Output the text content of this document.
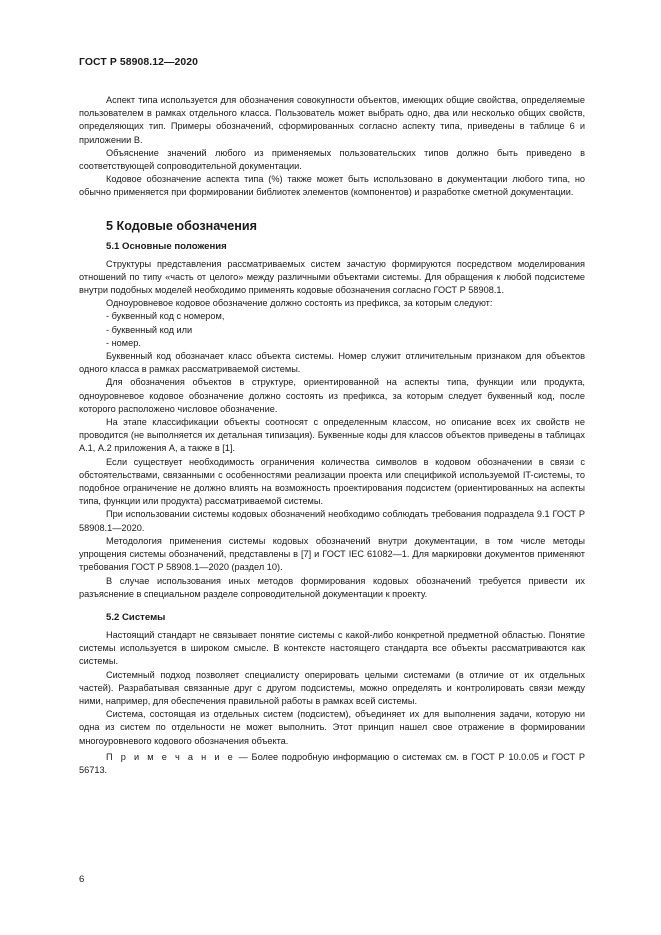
ГОСТ Р 58908.12—2020

Аспект типа используется для обозначения совокупности объектов, имеющих общие свойства, определяемые пользователем в рамках отдельного класса. Пользователь может выбрать одно, два или несколько общих свойств, определяющих тип. Примеры обозначений, сформированных согласно аспекту типа, приведены в таблице 6 и приложении В.

Объяснение значений любого из применяемых пользовательских типов должно быть приведено в соответствующей сопроводительной документации.

Кодовое обозначение аспекта типа (%) также может быть использовано в документации любого типа, но обычно применяется при формировании библиотек элементов (компонентов) и разработке сметной документации.

5 Кодовые обозначения
5.1 Основные положения

Структуры представления рассматриваемых систем зачастую формируются посредством моделирования отношений по типу «часть от целого» между различными объектами системы. Для обращения к любой подсистеме внутри подобных моделей необходимо применять кодовые обозначения согласно ГОСТ Р 58908.1.

Одноуровневое кодовое обозначение должно состоять из префикса, за которым следуют:

- буквенный код с номером,

- буквенный код или

- номер.

Буквенный код обозначает класс объекта системы. Номер служит отличительным признаком для объектов одного класса в рамках рассматриваемой системы.

Для обозначения объектов в структуре, ориентированной на аспекты типа, функции или продукта, одноуровневое кодовое обозначение должно состоять из префикса, за которым следует буквенный код, после которого расположено числовое обозначение.

На этапе классификации объекты соотносят с определенным классом, но описание всех их свойств не проводится (не выполняется их детальная типизация). Буквенные коды для классов объектов приведены в таблицах А.1, А.2 приложения А, а также в [1].

Если существует необходимость ограничения количества символов в кодовом обозначении в связи с обстоятельствами, связанными с особенностями реализации проекта или спецификой используемой IT-системы, то подобное ограничение не должно влиять на возможность проектирования подсистем (ориентированных на аспекты типа, функции или продукта) рассматриваемой системы.

При использовании системы кодовых обозначений необходимо соблюдать требования подраздела 9.1 ГОСТ Р 58908.1—2020.

Методология применения системы кодовых обозначений внутри документации, в том числе методы упрощения системы обозначений, представлены в [7] и ГОСТ IEC 61082—1. Для маркировки документов применяют требования ГОСТ Р 58908.1—2020 (раздел 10).

В случае использования иных методов формирования кодовых обозначений требуется привести их разъяснение в специальном разделе сопроводительной документации к проекту.

5.2 Системы

Настоящий стандарт не связывает понятие системы с какой-либо конкретной предметной областью. Понятие системы используется в широком смысле. В контексте настоящего стандарта все объекты рассматриваются как системы.

Системный подход позволяет специалисту оперировать целыми системами (в отличие от их отдельных частей). Разрабатывая связанные друг с другом подсистемы, можно определять и контролировать связи между ними, например, для обеспечения правильной работы в рамках всей системы.

Система, состоящая из отдельных систем (подсистем), объединяет их для выполнения задачи, которую ни одна из систем по отдельности не может выполнить. Этот принцип нашел свое отражение в формировании многоуровневого кодового обозначения объекта.

П р и м е ч а н и е — Более подробную информацию о системах см. в ГОСТ Р 10.0.05 и ГОСТ Р 56713.

6
